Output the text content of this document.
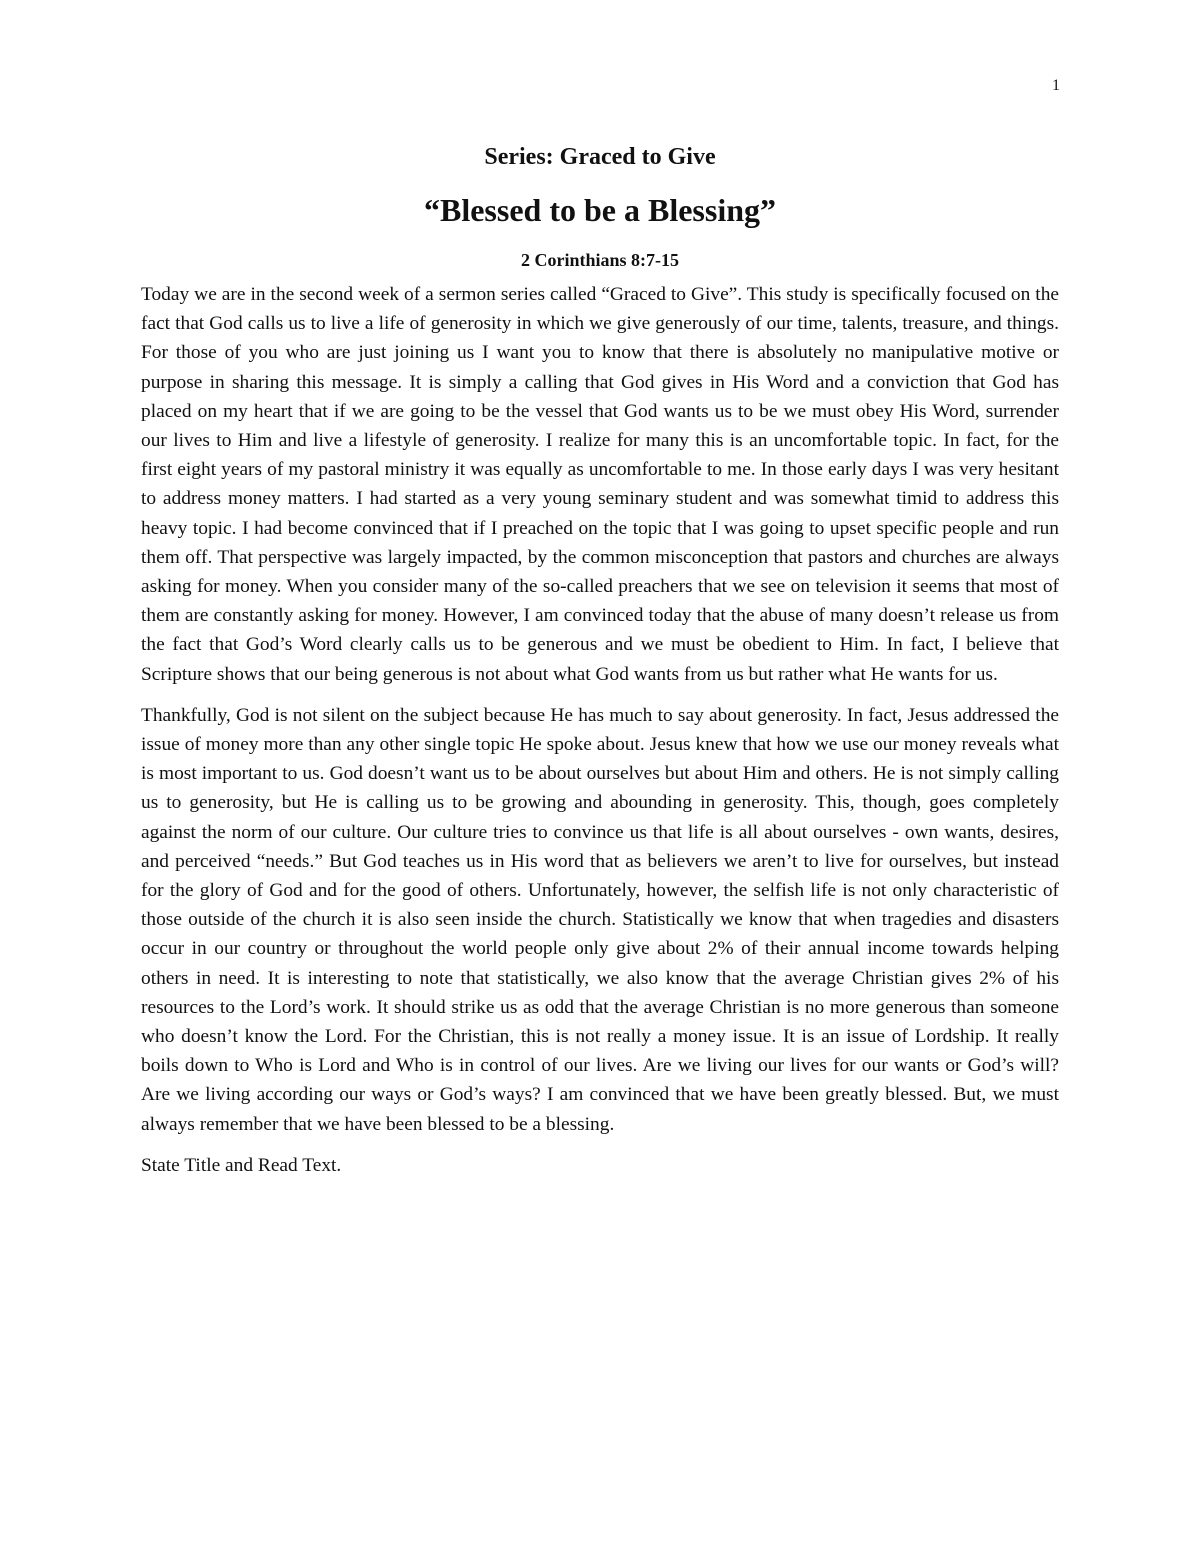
1
Series: Graced to Give
“Blessed to be a Blessing”
2 Corinthians 8:7-15

Today we are in the second week of a sermon series called “Graced to Give”. This study is specifically focused on the fact that God calls us to live a life of generosity in which we give generously of our time, talents, treasure, and things. For those of you who are just joining us I want you to know that there is absolutely no manipulative motive or purpose in sharing this message. It is simply a calling that God gives in His Word and a conviction that God has placed on my heart that if we are going to be the vessel that God wants us to be we must obey His Word, surrender our lives to Him and live a lifestyle of generosity. I realize for many this is an uncomfortable topic. In fact, for the first eight years of my pastoral ministry it was equally as uncomfortable to me. In those early days I was very hesitant to address money matters. I had started as a very young seminary student and was somewhat timid to address this heavy topic. I had become convinced that if I preached on the topic that I was going to upset specific people and run them off. That perspective was largely impacted, by the common misconception that pastors and churches are always asking for money. When you consider many of the so-called preachers that we see on television it seems that most of them are constantly asking for money. However, I am convinced today that the abuse of many doesn’t release us from the fact that God’s Word clearly calls us to be generous and we must be obedient to Him. In fact, I believe that Scripture shows that our being generous is not about what God wants from us but rather what He wants for us.

Thankfully, God is not silent on the subject because He has much to say about generosity. In fact, Jesus addressed the issue of money more than any other single topic He spoke about. Jesus knew that how we use our money reveals what is most important to us. God doesn’t want us to be about ourselves but about Him and others. He is not simply calling us to generosity, but He is calling us to be growing and abounding in generosity. This, though, goes completely against the norm of our culture. Our culture tries to convince us that life is all about ourselves - own wants, desires, and perceived “needs.” But God teaches us in His word that as believers we aren’t to live for ourselves, but instead for the glory of God and for the good of others. Unfortunately, however, the selfish life is not only characteristic of those outside of the church it is also seen inside the church. Statistically we know that when tragedies and disasters occur in our country or throughout the world people only give about 2% of their annual income towards helping others in need. It is interesting to note that statistically, we also know that the average Christian gives 2% of his resources to the Lord’s work. It should strike us as odd that the average Christian is no more generous than someone who doesn’t know the Lord. For the Christian, this is not really a money issue. It is an issue of Lordship. It really boils down to Who is Lord and Who is in control of our lives. Are we living our lives for our wants or God’s will? Are we living according our ways or God’s ways? I am convinced that we have been greatly blessed. But, we must always remember that we have been blessed to be a blessing.

State Title and Read Text.
